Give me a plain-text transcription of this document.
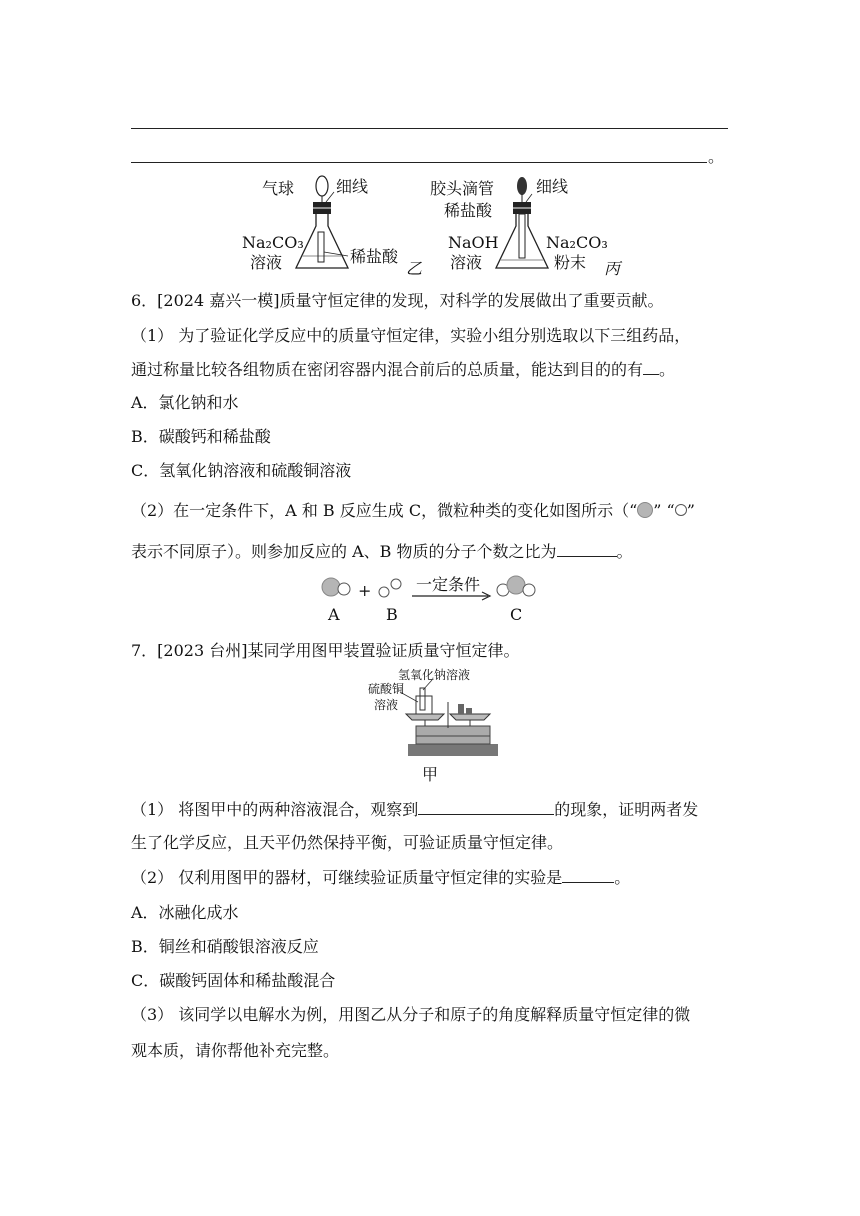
。
气球	细线
Na₂CO₃
溶液	稀盐酸
乙
胶头滴管	细线
稀盐酸
NaOH
溶液
Na₂CO₃
粉末 丙
6．[2024 嘉兴一模]质量守恒定律的发现，对科学的发展做出了重要贡献。
（1） 为了验证化学反应中的质量守恒定律，实验小组分别选取以下三组药品，
通过称量比较各组物质在密闭容器内混合前后的总质量，能达到目的的有 。
A．氯化钠和水
B．碳酸钙和稀盐酸
C．氢氧化钠溶液和硫酸铜溶液
（2）在一定条件下，A 和 B 反应生成 C，微粒种类的变化如图所示（“ ” “ ”
表示不同原子）。则参加反应的 A、B 物质的分子个数之比为	。
A
+
B
一定条件
C
7．[2023 台州]某同学用图甲装置验证质量守恒定律。
氢氧化钠溶液
硫酸铜
溶液
甲
（1） 将图甲中的两种溶液混合，观察到	的现象，证明两者发
生了化学反应，且天平仍然保持平衡，可验证质量守恒定律。
（2） 仅利用图甲的器材，可继续验证质量守恒定律的实验是	。
A．冰融化成水
B．铜丝和硝酸银溶液反应
C．碳酸钙固体和稀盐酸混合
（3） 该同学以电解水为例，用图乙从分子和原子的角度解释质量守恒定律的微
观本质，请你帮他补充完整。
